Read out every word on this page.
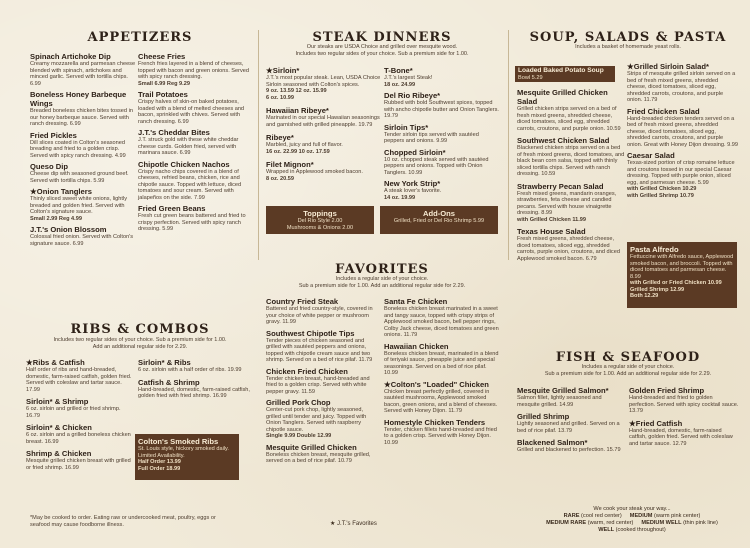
APPETIZERS
Spinach Artichoke Dip
Creamy mozzarella and parmesan cheese blended with spinach, artichokes and minced garlic. Served with tortilla chips. 6.99
Boneless Honey Barbeque Wings
Breaded boneless chicken bites tossed in our honey barbeque sauce. Served with ranch dressing. 6.99
Fried Pickles
Dill slices coated in Colton's seasoned breading and fried to a golden crisp. Served with spicy ranch dressing. 4.99
Queso Dip
Cheese dip with seasoned ground beef. Served with tortilla chips. 5.99
★Onion Tanglers
Thinly sliced sweet white onions, lightly breaded and golden fried. Served with Colton's signature sauce.
Small 2.99 Reg 4.99
J.T.'s Onion Blossom
Colossal fried onion. Served with Colton's signature sauce. 6.99
Cheese Fries
French fries layered in a blend of cheeses, topped with bacon and green onions. Served with spicy ranch dressing.
Small 6.99 Reg 9.29
Trail Potatoes
Crispy halves of skin-on baked potatoes, loaded with a blend of melted cheeses and bacon, sprinkled with chives. Served with ranch dressing. 6.99
J.T.'s Cheddar Bites
J.T. struck gold with these white cheddar cheese curds. Golden fried, served with marinara sauce. 6.99
Chipotle Chicken Nachos
Crispy nacho chips covered in a blend of cheeses, refried beans, chicken, rice and chipotle sauce. Topped with lettuce, diced tomatoes and sour cream. Served with jalapeños on the side. 7.99
Fried Green Beans
Fresh cut green beans battered and fried to crispy perfection. Served with spicy ranch dressing. 5.99
STEAK DINNERS
Our steaks are USDA Choice and grilled over mesquite wood.
Includes two regular sides of your choice. Sub a premium side for 1.00.
★Sirloin*
J.T.'s most popular steak. Lean, USDA Choice Sirloin seasoned with Colton's spices.
9 oz. 13.59 12 oz. 15.99
6 oz. 10.99
Hawaiian Ribeye*
Marinated in our special Hawaiian seasonings and garnished with grilled pineapple. 19.79
Ribeye*
Marbled, juicy and full of flavor.
16 oz. 22.99 10 oz. 17.59
Filet Mignon*
Wrapped in Applewood smoked bacon.
8 oz. 20.59
T-Bone*
J.T.'s largest Steak!
18 oz. 24.99
Del Rio Ribeye*
Rubbed with bold Southwest spices, topped with ancho chipotle butter and Onion Tanglers. 19.79
Sirloin Tips*
Tender sirloin tips served with sautéed peppers and onions. 9.99
Chopped Sirloin*
10 oz. chopped steak served with sautéed peppers and onions. Topped with Onion Tanglers. 10.99
New York Strip*
A steak lover's favorite.
14 oz. 19.99
Toppings
Del Rio Style 2.00
Mushrooms & Onions 2.00
Add-Ons
Grilled, Fried or Del Rio Shrimp 5.99
SOUP, SALADS & PASTA
Includes a basket of homemade yeast rolls.
Loaded Baked Potato Soup
Bowl 5.29
Mesquite Grilled Chicken Salad
Grilled chicken strips served on a bed of fresh mixed greens, shredded cheese, diced tomatoes, sliced egg, shredded carrots, croutons, and purple onion. 10.59
Southwest Chicken Salad
Blackened chicken strips served on a bed of fresh mixed greens, diced tomatoes, and black bean corn salsa, topped with thinly sliced tortilla chips. Served with ranch dressing. 10.59
Strawberry Pecan Salad
Fresh mixed greens, mandarin oranges, strawberries, feta cheese and candied pecans. Served with house vinaigrette dressing. 8.99
with Grilled Chicken 11.99
Texas House Salad
Fresh mixed greens, shredded cheese, diced tomatoes, sliced egg, shredded carrots, purple onion, croutons, and diced Applewood smoked bacon. 6.79
★Grilled Sirloin Salad*
Strips of mesquite grilled sirloin served on a bed of fresh mixed greens, shredded cheese, diced tomatoes, sliced egg, shredded carrots, croutons, and purple onion. 11.79
Fried Chicken Salad
Hand-breaded chicken tenders served on a bed of fresh mixed greens, shredded cheese, diced tomatoes, sliced egg, shredded carrots, croutons, and purple onion. Great with Honey Dijon dressing. 9.99
Caesar Salad
Texas-sized portion of crisp romaine lettuce and croutons tossed in our special Caesar dressing. Topped with purple onion, sliced egg, and parmesan cheese. 5.99
with Grilled Chicken 10.29
with Grilled Shrimp 10.79
Pasta Alfredo
Fettuccine with Alfredo sauce, Applewood smoked bacon, and broccoli. Topped with diced tomatoes and parmesan cheese.
8.99
with Grilled or Fried Chicken 10.99
Grilled Shrimp 12.99
Both 12.29
FAVORITES
Includes a regular side of your choice.
Sub a premium side for 1.00. Add an additional regular side for 2.29.
Country Fried Steak
Battered and fried country-style, covered in your choice of white pepper or mushroom gravy. 11.99
Southwest Chipotle Tips
Tender pieces of chicken seasoned and grilled with sautéed peppers and onions, topped with chipotle cream sauce and two shrimp. Served on a bed of rice pilaf. 11.79
Chicken Fried Chicken
Tender chicken breast, hand-breaded and fried to a golden crisp. Served with white pepper gravy. 11.59
Grilled Pork Chop
Center-cut pork chop, lightly seasoned, grilled until tender and juicy. Topped with Onion Tanglers. Served with raspberry chipotle sauce.
Single 9.99 Double 12.99
Mesquite Grilled Chicken
Boneless chicken breast, mesquite grilled, served on a bed of rice pilaf. 10.79
Santa Fe Chicken
Boneless chicken breast marinated in a sweet and tangy sauce, topped with crispy strips of Applewood smoked bacon, bell pepper rings, Colby Jack cheese, diced tomatoes and green onions. 11.79
Hawaiian Chicken
Boneless chicken breast, marinated in a blend of teriyaki sauce, pineapple juice and special seasonings. Served on a bed of rice pilaf. 10.99
★Colton's "Loaded" Chicken
Chicken breast perfectly grilled, covered in sautéed mushrooms, Applewood smoked bacon, green onions, and a blend of cheeses. Served with Honey Dijon. 11.79
Homestyle Chicken Tenders
Tender, chicken fillets hand-breaded and fried to a golden crisp. Served with Honey Dijon. 10.99
RIBS & COMBOS
Includes two regular sides of your choice. Sub a premium side for 1.00.
Add an additional regular side for 2.29.
★Ribs & Catfish
Half order of ribs and hand-breaded, domestic, farm-raised catfish, golden fried. Served with coleslaw and tartar sauce. 17.99
Sirloin* & Shrimp
6 oz. sirloin and grilled or fried shrimp. 16.79
Sirloin* & Chicken
6 oz. sirloin and a grilled boneless chicken breast. 16.99
Shrimp & Chicken
Mesquite grilled chicken breast with grilled or fried shrimp. 16.99
Sirloin* & Ribs
6 oz. sirloin with a half order of ribs. 19.99
Catfish & Shrimp
Hand-breaded, domestic, farm-raised catfish, golden fried with fried shrimp. 16.99
Colton's Smoked Ribs
St. Louis style, hickory smoked daily. Limited Availability.
Half Order 13.99
Full Order 18.99
FISH & SEAFOOD
Includes a regular side of your choice.
Sub a premium side for 1.00. Add an additional regular side for 2.29.
Mesquite Grilled Salmon*
Salmon fillet, lightly seasoned and mesquite grilled. 14.99
Grilled Shrimp
Lightly seasoned and grilled. Served on a bed of rice pilaf. 13.79
Blackened Salmon*
Grilled and blackened to perfection. 15.79
Golden Fried Shrimp
Hand-breaded and fried to golden perfection. Served with spicy cocktail sauce. 13.79
★Fried Catfish
Hand-breaded, domestic, farm-raised catfish, golden fried. Served with coleslaw and tartar sauce. 12.79
*May be cooked to order. Eating raw or undercooked meat, poultry, eggs or seafood may cause foodborne illness.	★ J.T.'s Favorites
We cook your steak your way...
RARE (cool red center) MEDIUM (warm pink center)
MEDIUM RARE (warm, red center) MEDIUM WELL (thin pink line)
WELL (cooked throughout)
